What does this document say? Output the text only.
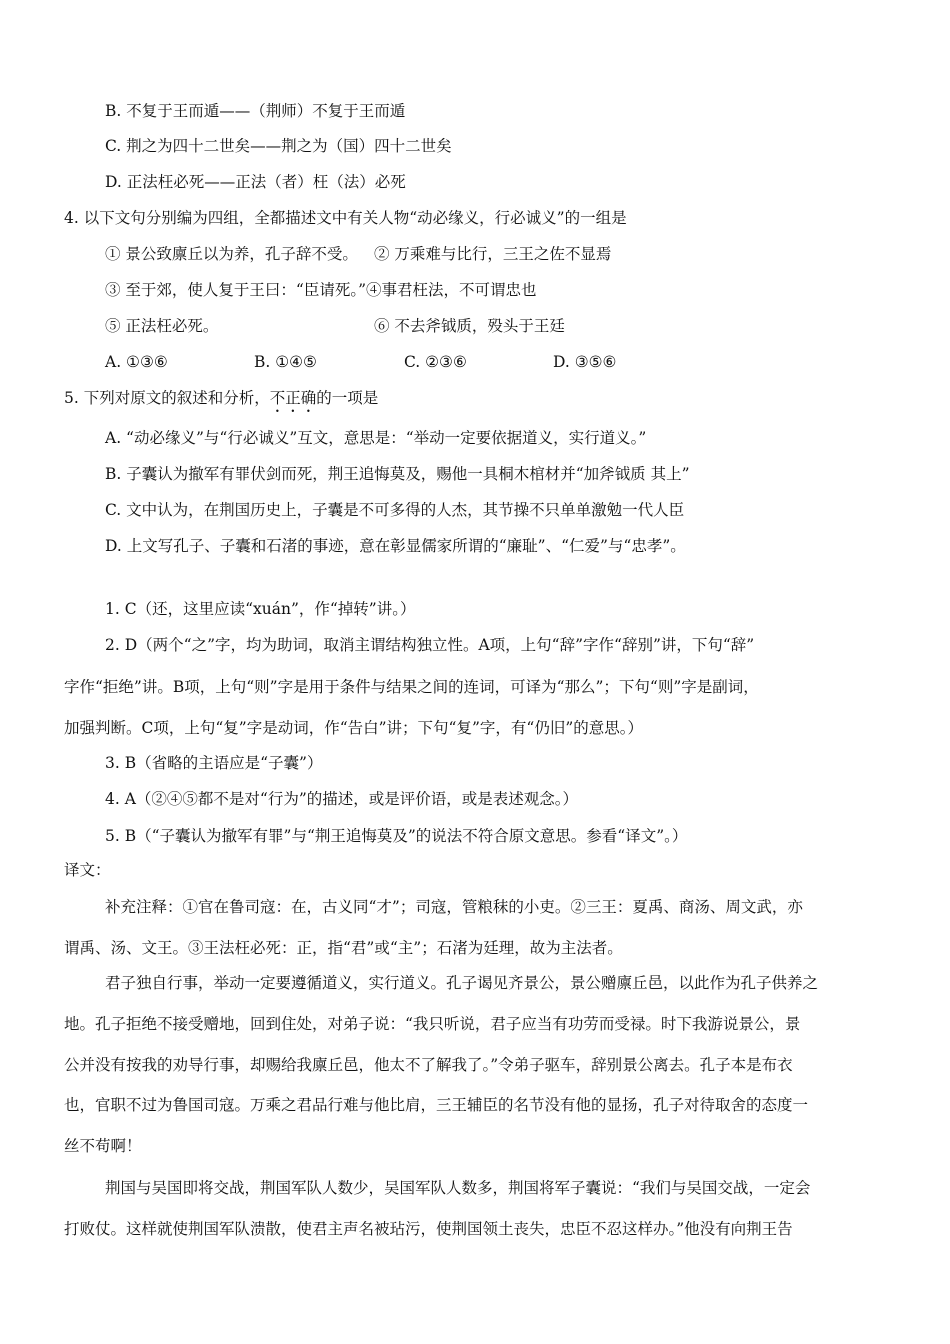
B. 不复于王而遁——（荆师）不复于王而遁
C. 荆之为四十二世矣——荆之为（国）四十二世矣
D. 正法枉必死——正法（者）枉（法）必死
4. 以下文句分别编为四组，全都描述文中有关人物“动必缘义，行必诚义”的一组是
① 景公致廪丘以为养，孔子辞不受。 ② 万乘难与比行，三王之佐不显焉
③ 至于郊，使人复于王曰：“臣请死。”④事君枉法，不可谓忠也
⑤ 正法枉必死。	⑥ 不去斧钺质，殁头于王廷
A. ①③⑥	B. ①④⑤	C. ②③⑥	D. ③⑤⑥
5. 下列对原文的叙述和分析，不正确的一项是
A. “动必缘义”与“行必诚义”互文，意思是：“举动一定要依据道义，实行道义。”
B. 子囊认为撤军有罪伏剑而死，荆王追悔莫及，赐他一具桐木棺材并“加斧钺质 其上”
C. 文中认为，在荆国历史上，子囊是不可多得的人杰，其节操不只单单激勉一代人臣
D. 上文写孔子、子囊和石渚的事迹，意在彰显儒家所谓的“廉耻”、“仁爱”与“忠孝”。
1. C（还，这里应读“xuán”，作“掉转”讲。）
2. D（两个“之”字，均为助词，取消主谓结构独立性。A项，上句“辞”字作“辞别”讲，下句“辞”
字作“拒绝”讲。B项，上句“则”字是用于条件与结果之间的连词，可译为“那么”；下句“则”字是副词，
加强判断。C项，上句“复”字是动词，作“告白”讲；下句“复”字，有“仍旧”的意思。）
3. B（省略的主语应是“子囊”）
4. A（②④⑤都不是对“行为”的描述，或是评价语，或是表述观念。）
5. B（“子囊认为撤军有罪”与“荆王追悔莫及”的说法不符合原文意思。参看“译文”。）
译文：
补充注释：①官在鲁司寇：在，古义同“才”；司寇，管粮秣的小吏。②三王：夏禹、商汤、周文武，亦
谓禹、汤、文王。③王法枉必死：正，指“君”或“主”；石渚为廷理，故为主法者。
君子独自行事，举动一定要遵循道义，实行道义。孔子谒见齐景公，景公赠廪丘邑，以此作为孔子供养之
地。孔子拒绝不接受赠地，回到住处，对弟子说：“我只听说，君子应当有功劳而受禄。时下我游说景公，景
公并没有按我的劝导行事，却赐给我廪丘邑，他太不了解我了。”令弟子驱车，辞别景公离去。孔子本是布衣
也，官职不过为鲁国司寇。万乘之君品行难与他比肩，三王辅臣的名节没有他的显扬，孔子对待取舍的态度一
丝不苟啊！
荆国与吴国即将交战，荆国军队人数少，吴国军队人数多，荆国将军子囊说：“我们与吴国交战，一定会
打败仗。这样就使荆国军队溃散，使君主声名被玷污，使荆国领土丧失，忠臣不忍这样办。”他没有向荆王告
